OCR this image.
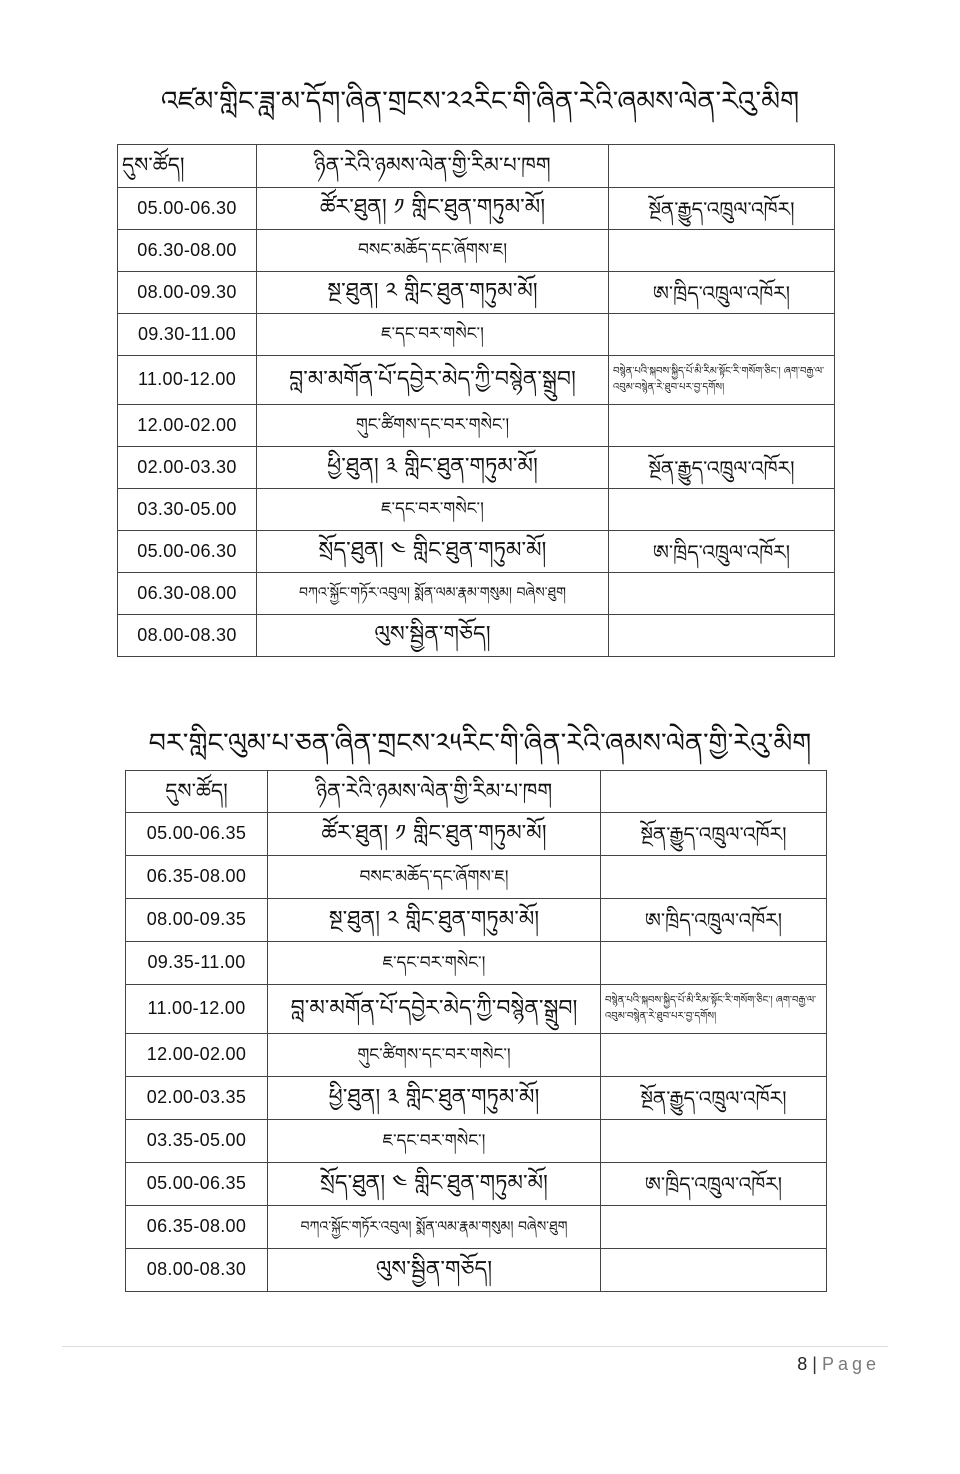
འཛམ་གླིང་ཟླ་མ་དོག་ཞིན་གྲངས་༢༢རིང་གི་ཞིན་རེའི་ཞམས་ལེན་རེའུ་མིག
དུས་ཚོད།	ཉིན་རེའི་ཉམས་ལེན་གྱི་རིམ་པ་ཁག	
05.00-06.30	ཚོར་ཐུན། ༡ གླིང་ཐུན་གཏུམ་མོ།	སྔོན་རྒྱུད་འཁྲུལ་འཁོར།
06.30-08.00	བསང་མཆོད་དང་ཞོགས་ཇ།	
08.00-09.30	སྔ་ཐུན། ༢ གླིང་ཐུན་གཏུམ་མོ།	ཨ་ཁྲིད་འཁྲུལ་འཁོར།
09.30-11.00	ཇ་དང་བར་གསེང་།	
11.00-12.00	བླ་མ་མགོན་པོ་དབྱེར་མེད་ཀྱི་བསྙེན་སྒྲུབ།	བསྙེན་པའི་སྐབས་སྐྱིད་པོ་མི་རིམ་སྟོང་རི་གསོག་ཅིང་། ཞག་བརྒྱ་ལ་འབུམ་བསྙེན་རེ་ཐུབ་པར་བྱ་དགོས།
12.00-02.00	གུང་ཚིགས་དང་བར་གསེང་།	
02.00-03.30	ཕྱི་ཐུན། ༣ གླིང་ཐུན་གཏུམ་མོ།	སྔོན་རྒྱུད་འཁྲུལ་འཁོར།
03.30-05.00	ཇ་དང་བར་གསེང་།	
05.00-06.30	སྲོད་ཐུན། ༤ གླིང་ཐུན་གཏུམ་མོ།	ཨ་ཁྲིད་འཁྲུལ་འཁོར།
06.30-08.00	བཀའ་སྐྱོང་གཏོར་འབུལ། སྨོན་ལམ་རྣམ་གསུམ། བཞེས་ཐུག	
08.00-08.30	ལུས་སྦྱིན་གཅོད།	
བར་གླིང་ལུམ་པ་ཅན་ཞིན་གྲངས་༢༥རིང་གི་ཞིན་རེའི་ཞམས་ལེན་གྱི་རེའུ་མིག
དུས་ཚོད།	ཉིན་རེའི་ཉམས་ལེན་གྱི་རིམ་པ་ཁག	
05.00-06.35	ཚོར་ཐུན། ༡ གླིང་ཐུན་གཏུམ་མོ།	སྔོན་རྒྱུད་འཁྲུལ་འཁོར།
06.35-08.00	བསང་མཆོད་དང་ཞོགས་ཇ།	
08.00-09.35	སྔ་ཐུན། ༢ གླིང་ཐུན་གཏུམ་མོ།	ཨ་ཁྲིད་འཁྲུལ་འཁོར།
09.35-11.00	ཇ་དང་བར་གསེང་།	
11.00-12.00	བླ་མ་མགོན་པོ་དབྱེར་མེད་ཀྱི་བསྙེན་སྒྲུབ།	བསྙེན་པའི་སྐབས་སྐྱིད་པོ་མི་རིམ་སྟོང་རི་གསོག་ཅིང་། ཞག་བརྒྱ་ལ་འབུམ་བསྙེན་རེ་ཐུབ་པར་བྱ་དགོས།
12.00-02.00	གུང་ཚིགས་དང་བར་གསེང་།	
02.00-03.35	ཕྱི་ཐུན། ༣ གླིང་ཐུན་གཏུམ་མོ།	སྔོན་རྒྱུད་འཁྲུལ་འཁོར།
03.35-05.00	ཇ་དང་བར་གསེང་།	
05.00-06.35	སྲོད་ཐུན། ༤ གླིང་ཐུན་གཏུམ་མོ།	ཨ་ཁྲིད་འཁྲུལ་འཁོར།
06.35-08.00	བཀའ་སྐྱོང་གཏོར་འབུལ། སྨོན་ལམ་རྣམ་གསུམ། བཞེས་ཐུག	
08.00-08.30	ལུས་སྦྱིན་གཅོད།	
8 | Page
